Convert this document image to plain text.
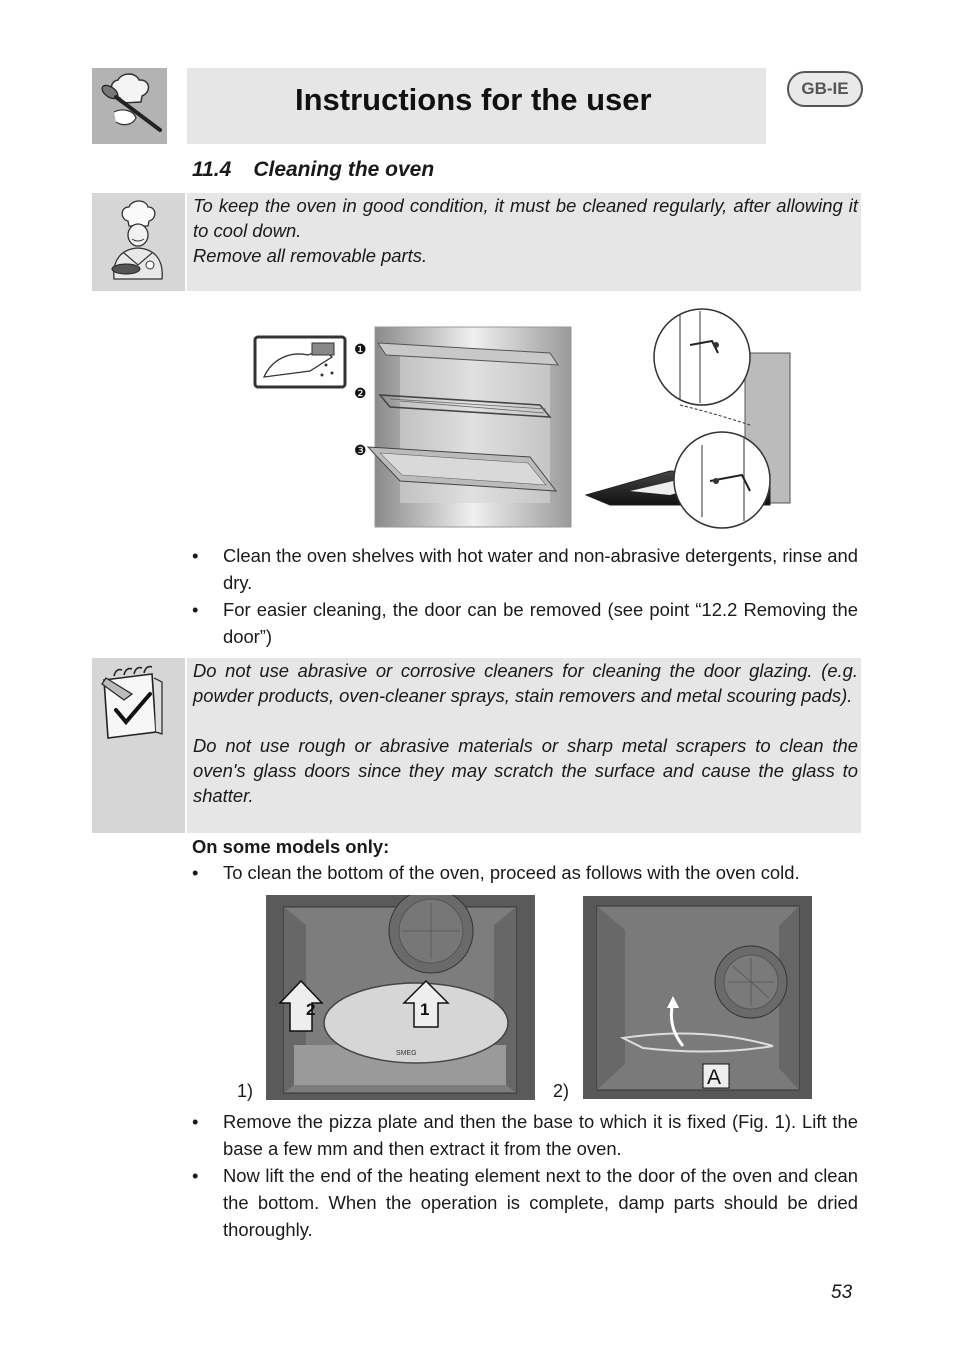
Instructions for the user	GB-IE
11.4 Cleaning the oven

To keep the oven in good condition, it must be cleaned regularly, after allowing it to cool down.

Remove all removable parts.

❶
❷
❸
• Clean the oven shelves with hot water and non-abrasive detergents, rinse and dry.
• For easier cleaning, the door can be removed (see point “12.2 Removing the door”)

Do not use abrasive or corrosive cleaners for cleaning the door glazing. (e.g. powder products, oven-cleaner sprays, stain removers and metal scouring pads).

Do not use rough or abrasive materials or sharp metal scrapers to clean the oven's glass doors since they may scratch the surface and cause the glass to shatter.

On some models only:
• To clean the bottom of the oven, proceed as follows with the oven cold.
SMEG
2	1
1)
A
2)
• Remove the pizza plate and then the base to which it is fixed (Fig. 1). Lift the base a few mm and then extract it from the oven.
• Now lift the end of the heating element next to the door of the oven and clean the bottom. When the operation is complete, damp parts should be dried thoroughly.
53
